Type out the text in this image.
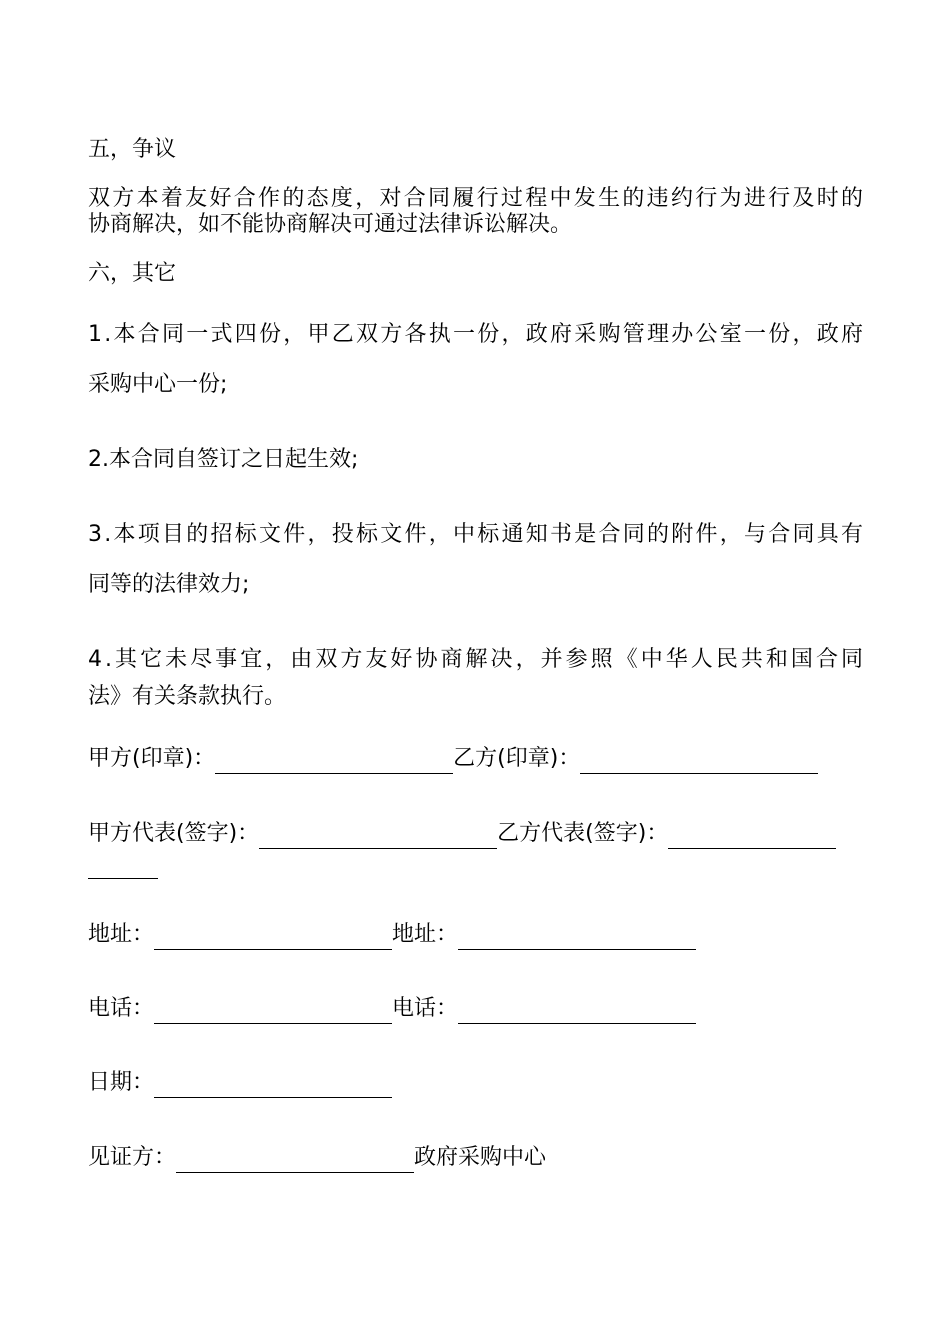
五，争议
双方本着友好合作的态度，对合同履行过程中发生的违约行为进行及时的
协商解决，如不能协商解决可通过法律诉讼解决。
六，其它
1.本合同一式四份，甲乙双方各执一份，政府采购管理办公室一份，政府
采购中心一份;
2.本合同自签订之日起生效;
3.本项目的招标文件，投标文件，中标通知书是合同的附件，与合同具有
同等的法律效力;
4.其它未尽事宜，由双方友好协商解决，并参照《中华人民共和国合同
法》有关条款执行。
甲方(印章)：	乙方(印章)：
甲方代表(签字)：	乙方代表(签字)：
地址：	地址：
电话：	电话：
日期：
见证方：	政府采购中心
